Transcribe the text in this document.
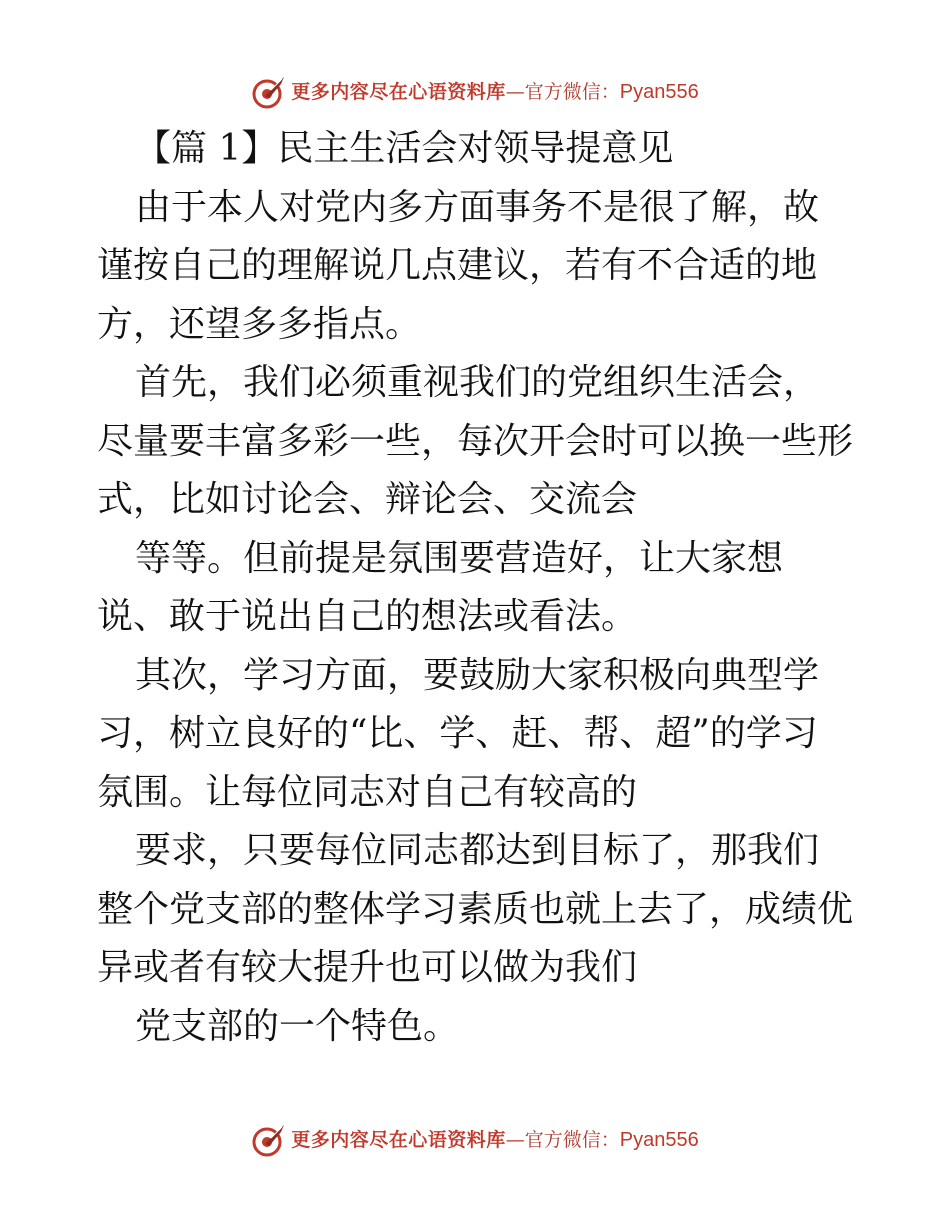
更多内容尽在心语资料库 — 官方微信： Pyan556

【篇 1】民主生活会对领导提意见

由于本人对党内多方面事务不是很了解，故谨按自己的理解说几点建议，若有不合适的地方，还望多多指点。

首先，我们必须重视我们的党组织生活会，尽量要丰富多彩一些，每次开会时可以换一些形式，比如讨论会、辩论会、交流会

等等。但前提是氛围要营造好，让大家想说、敢于说出自己的想法或看法。

其次，学习方面，要鼓励大家积极向典型学习，树立良好的“比、学、赶、帮、超”的学习氛围。让每位同志对自己有较高的

要求，只要每位同志都达到目标了，那我们整个党支部的整体学习素质也就上去了，成绩优异或者有较大提升也可以做为我们

党支部的一个特色。

更多内容尽在心语资料库 — 官方微信： Pyan556
